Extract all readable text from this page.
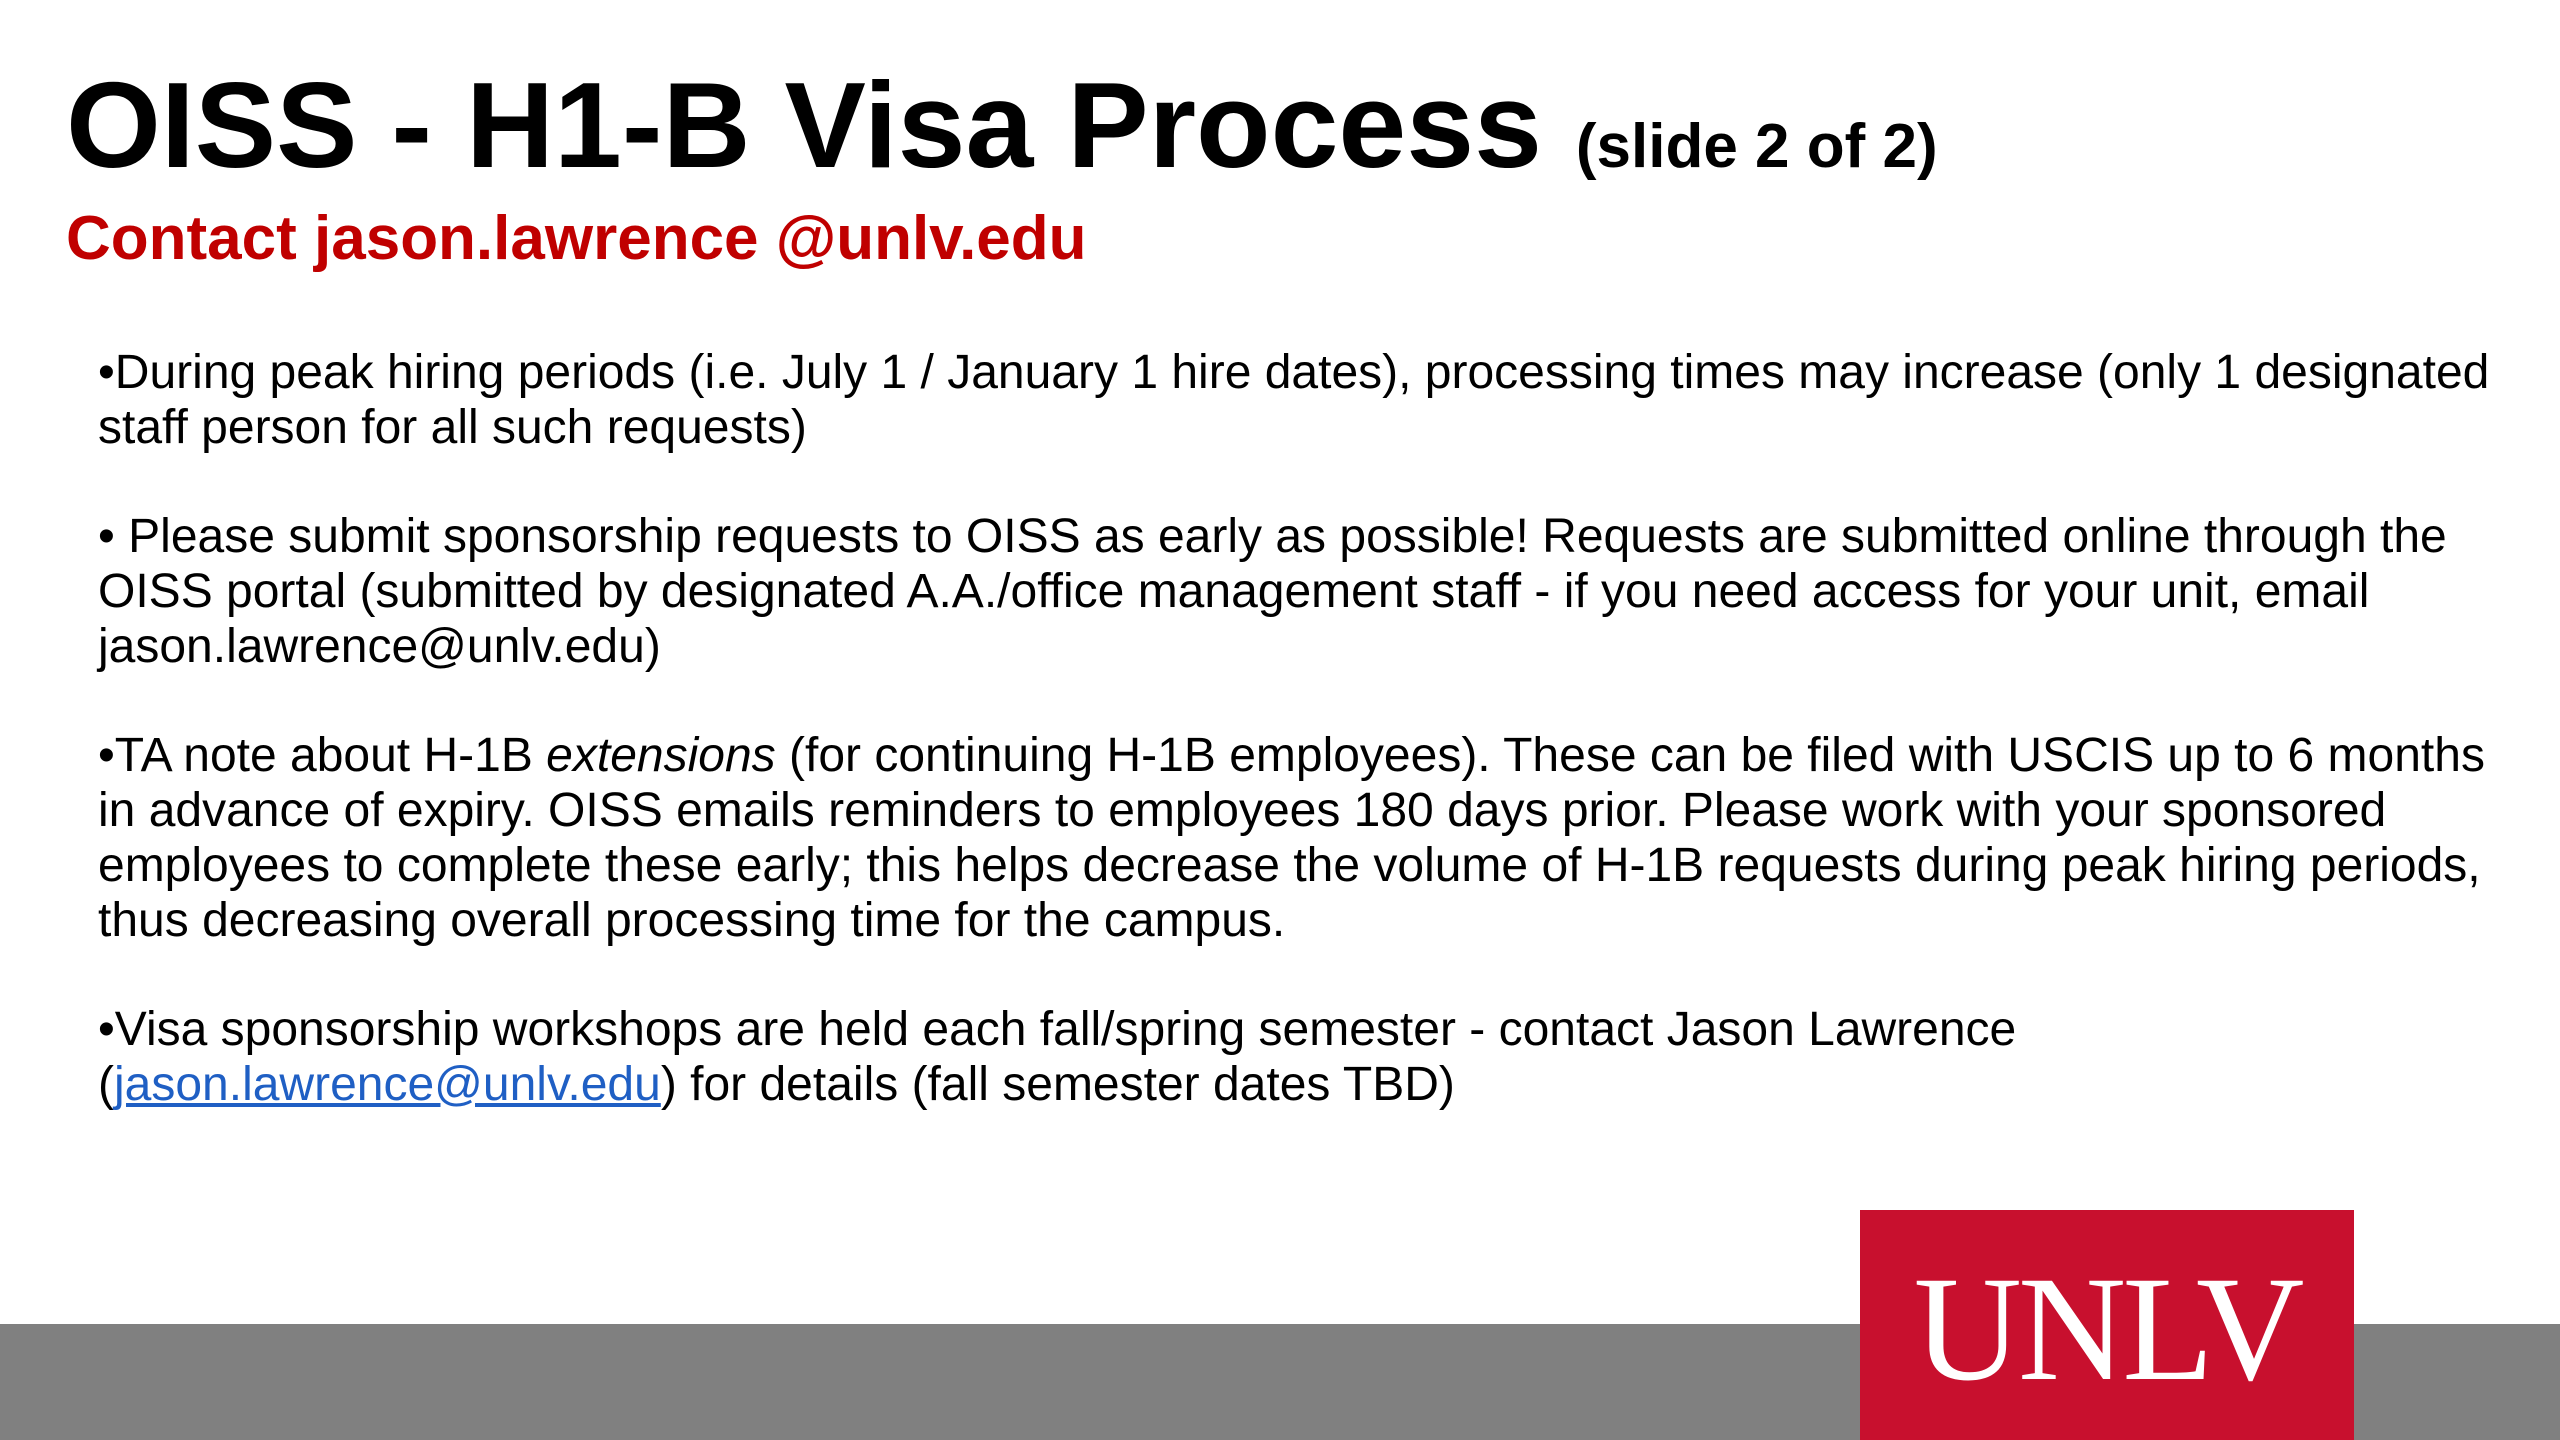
OISS - H1-B Visa Process (slide 2 of 2)
Contact jason.lawrence @unlv.edu

•During peak hiring periods (i.e. July 1 / January 1 hire dates), processing times may increase (only 1 designated staff person for all such requests)

• Please submit sponsorship requests to OISS as early as possible! Requests are submitted online through the OISS portal (submitted by designated A.A./office management staff - if you need access for your unit, email jason.lawrence@unlv.edu)

•TA note about H-1B extensions (for continuing H-1B employees). These can be filed with USCIS up to 6 months in advance of expiry. OISS emails reminders to employees 180 days prior. Please work with your sponsored employees to complete these early; this helps decrease the volume of H-1B requests during peak hiring periods, thus decreasing overall processing time for the campus.

•Visa sponsorship workshops are held each fall/spring semester - contact Jason Lawrence (jason.lawrence@unlv.edu) for details (fall semester dates TBD)

UNLV
